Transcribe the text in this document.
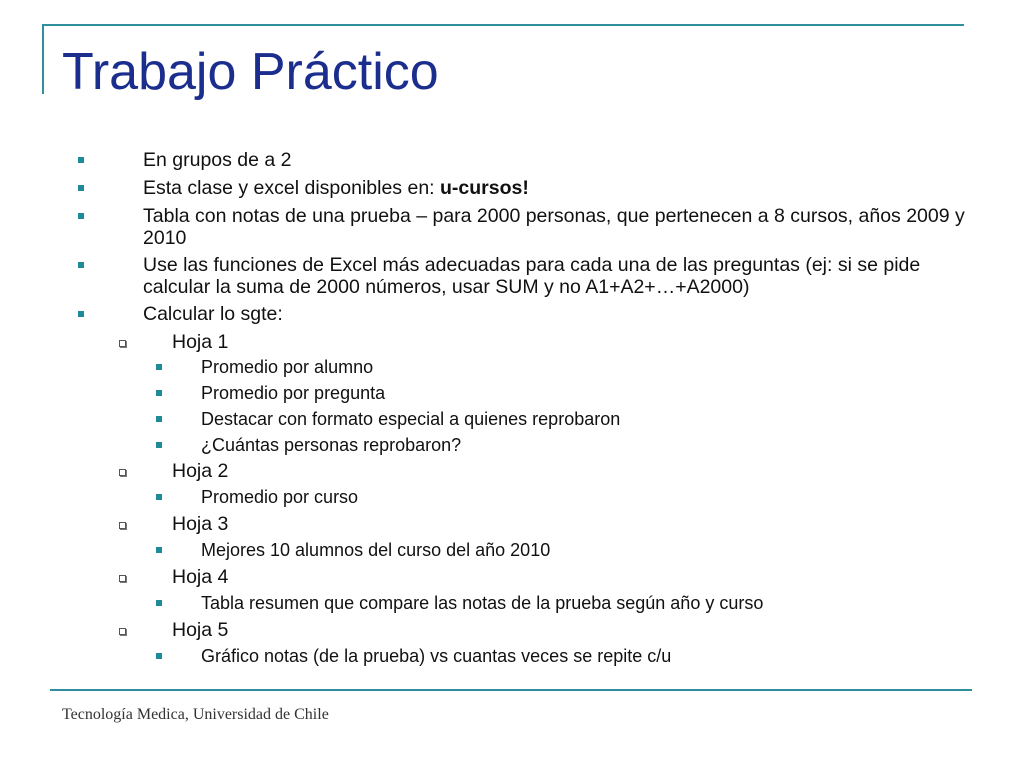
Trabajo Práctico
En grupos de a 2
Esta clase y excel disponibles en: u-cursos!
Tabla con notas de una prueba – para 2000 personas, que pertenecen a 8 cursos, años 2009 y 2010
Use las funciones de Excel más adecuadas para cada una de las preguntas (ej: si se pide calcular la suma de 2000 números, usar SUM y no A1+A2+…+A2000)
Calcular lo sgte:
Hoja 1
Promedio por alumno
Promedio por pregunta
Destacar con formato especial a quienes reprobaron
¿Cuántas personas reprobaron?
Hoja 2
Promedio por curso
Hoja 3
Mejores 10 alumnos del curso del año 2010
Hoja 4
Tabla resumen que compare las notas de la prueba según año y curso
Hoja 5
Gráfico notas (de la prueba) vs cuantas veces se repite c/u
Tecnología Medica, Universidad de Chile
